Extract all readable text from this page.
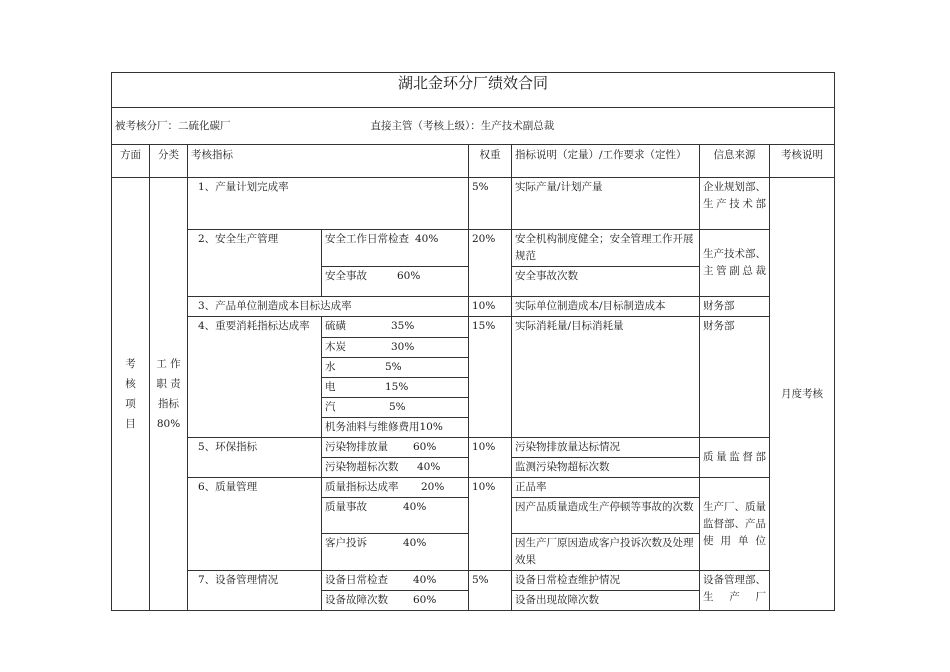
湖北金环分厂绩效合同							
被考核分厂：二硫化碳厂 直接主管（考核上级）：生产技术副总裁							
方面	分类	考核指标		权重	指标说明（定量）/工作要求（定性）	信息来源	考核说明
考
核
项
目	工 作
职 责
指标
80%	1、产量计划完成率		5%	实际产量/计划产量	企业规划部、生产技术部	月度考核
		2、安全生产管理	安全工作日常检查 40%	20%	安全机构制度健全；安全管理工作开展规范	生产技术部、主管副总裁	
			安全事故 60%		安全事故次数		
		3、产品单位制造成本目标达成率		10%	实际单位制造成本/目标制造成本	财务部	
		4、重要消耗指标达成率	硫磺 35%	15%	实际消耗量/目标消耗量	财务部	
			木炭 30%				
			水 5%				
			电 15%				
			汽 5%				
			机务油料与维修费用10%				
		5、环保指标	污染物排放量 60%	10%	污染物排放量达标情况	质量监督部	
			污染物超标次数 40%		监测污染物超标次数		
		6、质量管理	质量指标达成率 20%	10%	正品率	生产厂、质量监督部、产品使用单位	
			质量事故 40%		因产品质量造成生产停顿等事故的次数		
			客户投诉 40%		因生产厂原因造成客户投诉次数及处理效果		
		7、设备管理情况	设备日常检查 40%	5%	设备日常检查维护情况	设备管理部、生产厂	
			设备故障次数 60%		设备出现故障次数		
